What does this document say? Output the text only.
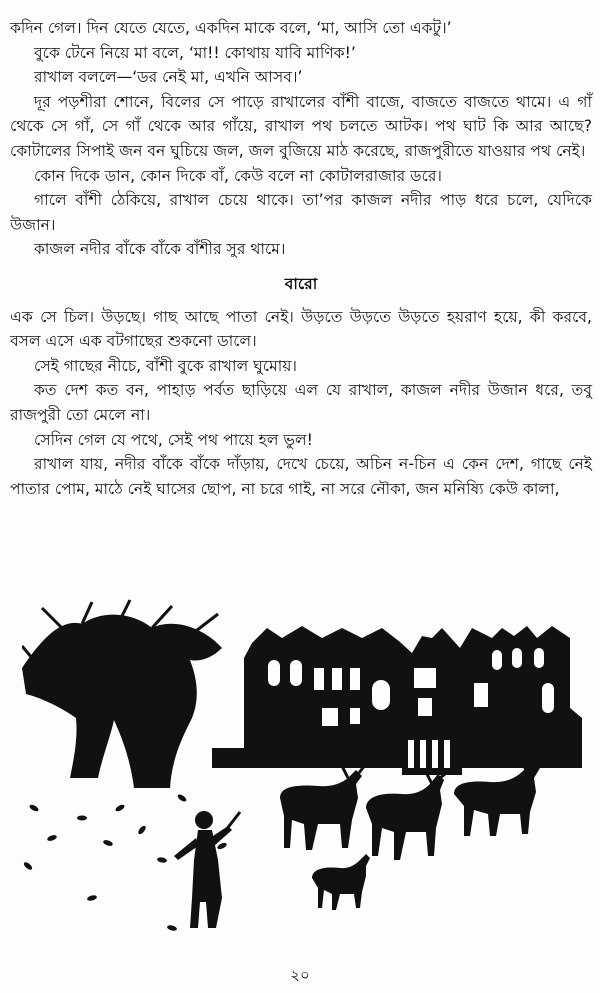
কদিন গেল। দিন যেতে যেতে, একদিন মাকে বলে, ‘মা, আসি তো একটু।’

বুকে টেনে নিয়ে মা বলে, ‘মা!! কোথায় যাবি মাণিক!’

রাখাল বললে—‘ডর নেই মা, এখনি আসব।’

দূর পড়শীরা শোনে, বিলের সে পাড়ে রাখালের বাঁশী বাজে, বাজতে বাজতে থামে। এ গাঁ থেকে সে গাঁ, সে গাঁ থেকে আর গাঁয়ে, রাখাল পথ চলতে আটক। পথ ঘাট কি আর আছে? কোটালের সিপাই জন বন ঘুচিয়ে জল, জল বুজিয়ে মাঠ করেছে, রাজপুরীতে যাওয়ার পথ নেই।

কোন দিকে ডান, কোন দিকে বাঁ, কেউ বলে না কোটালরাজার ডরে।

গালে বাঁশী ঠেকিয়ে, রাখাল চেয়ে থাকে। তা’পর কাজল নদীর পাড় ধরে চলে, যেদিকে উজান।

কাজল নদীর বাঁকে বাঁকে বাঁশীর সুর থামে।

বারো

এক সে চিল। উড়ছে। গাছ আছে পাতা নেই। উড়তে উড়তে উড়তে হয়রাণ হয়ে, কী করবে, বসল এসে এক বটগাছের শুকনো ডালে।

সেই গাছের নীচে, বাঁশী বুকে রাখাল ঘুমোয়।

কত দেশ কত বন, পাহাড় পর্বত ছাড়িয়ে এল যে রাখাল, কাজল নদীর উজান ধরে, তবু রাজপুরী তো মেলে না।

সেদিন গেল যে পথে, সেই পথ পায়ে হল ভুল!

রাখাল যায়, নদীর বাঁকে বাঁকে দাঁড়ায়, দেখে চেয়ে, অচিন ন-চিন এ কেন দেশ, গাছে নেই পাতার পোম, মাঠে নেই ঘাসের ছোপ, না চরে গাই, না সরে নৌকা, জন মনিষ্যি কেউ কালা,

২০
